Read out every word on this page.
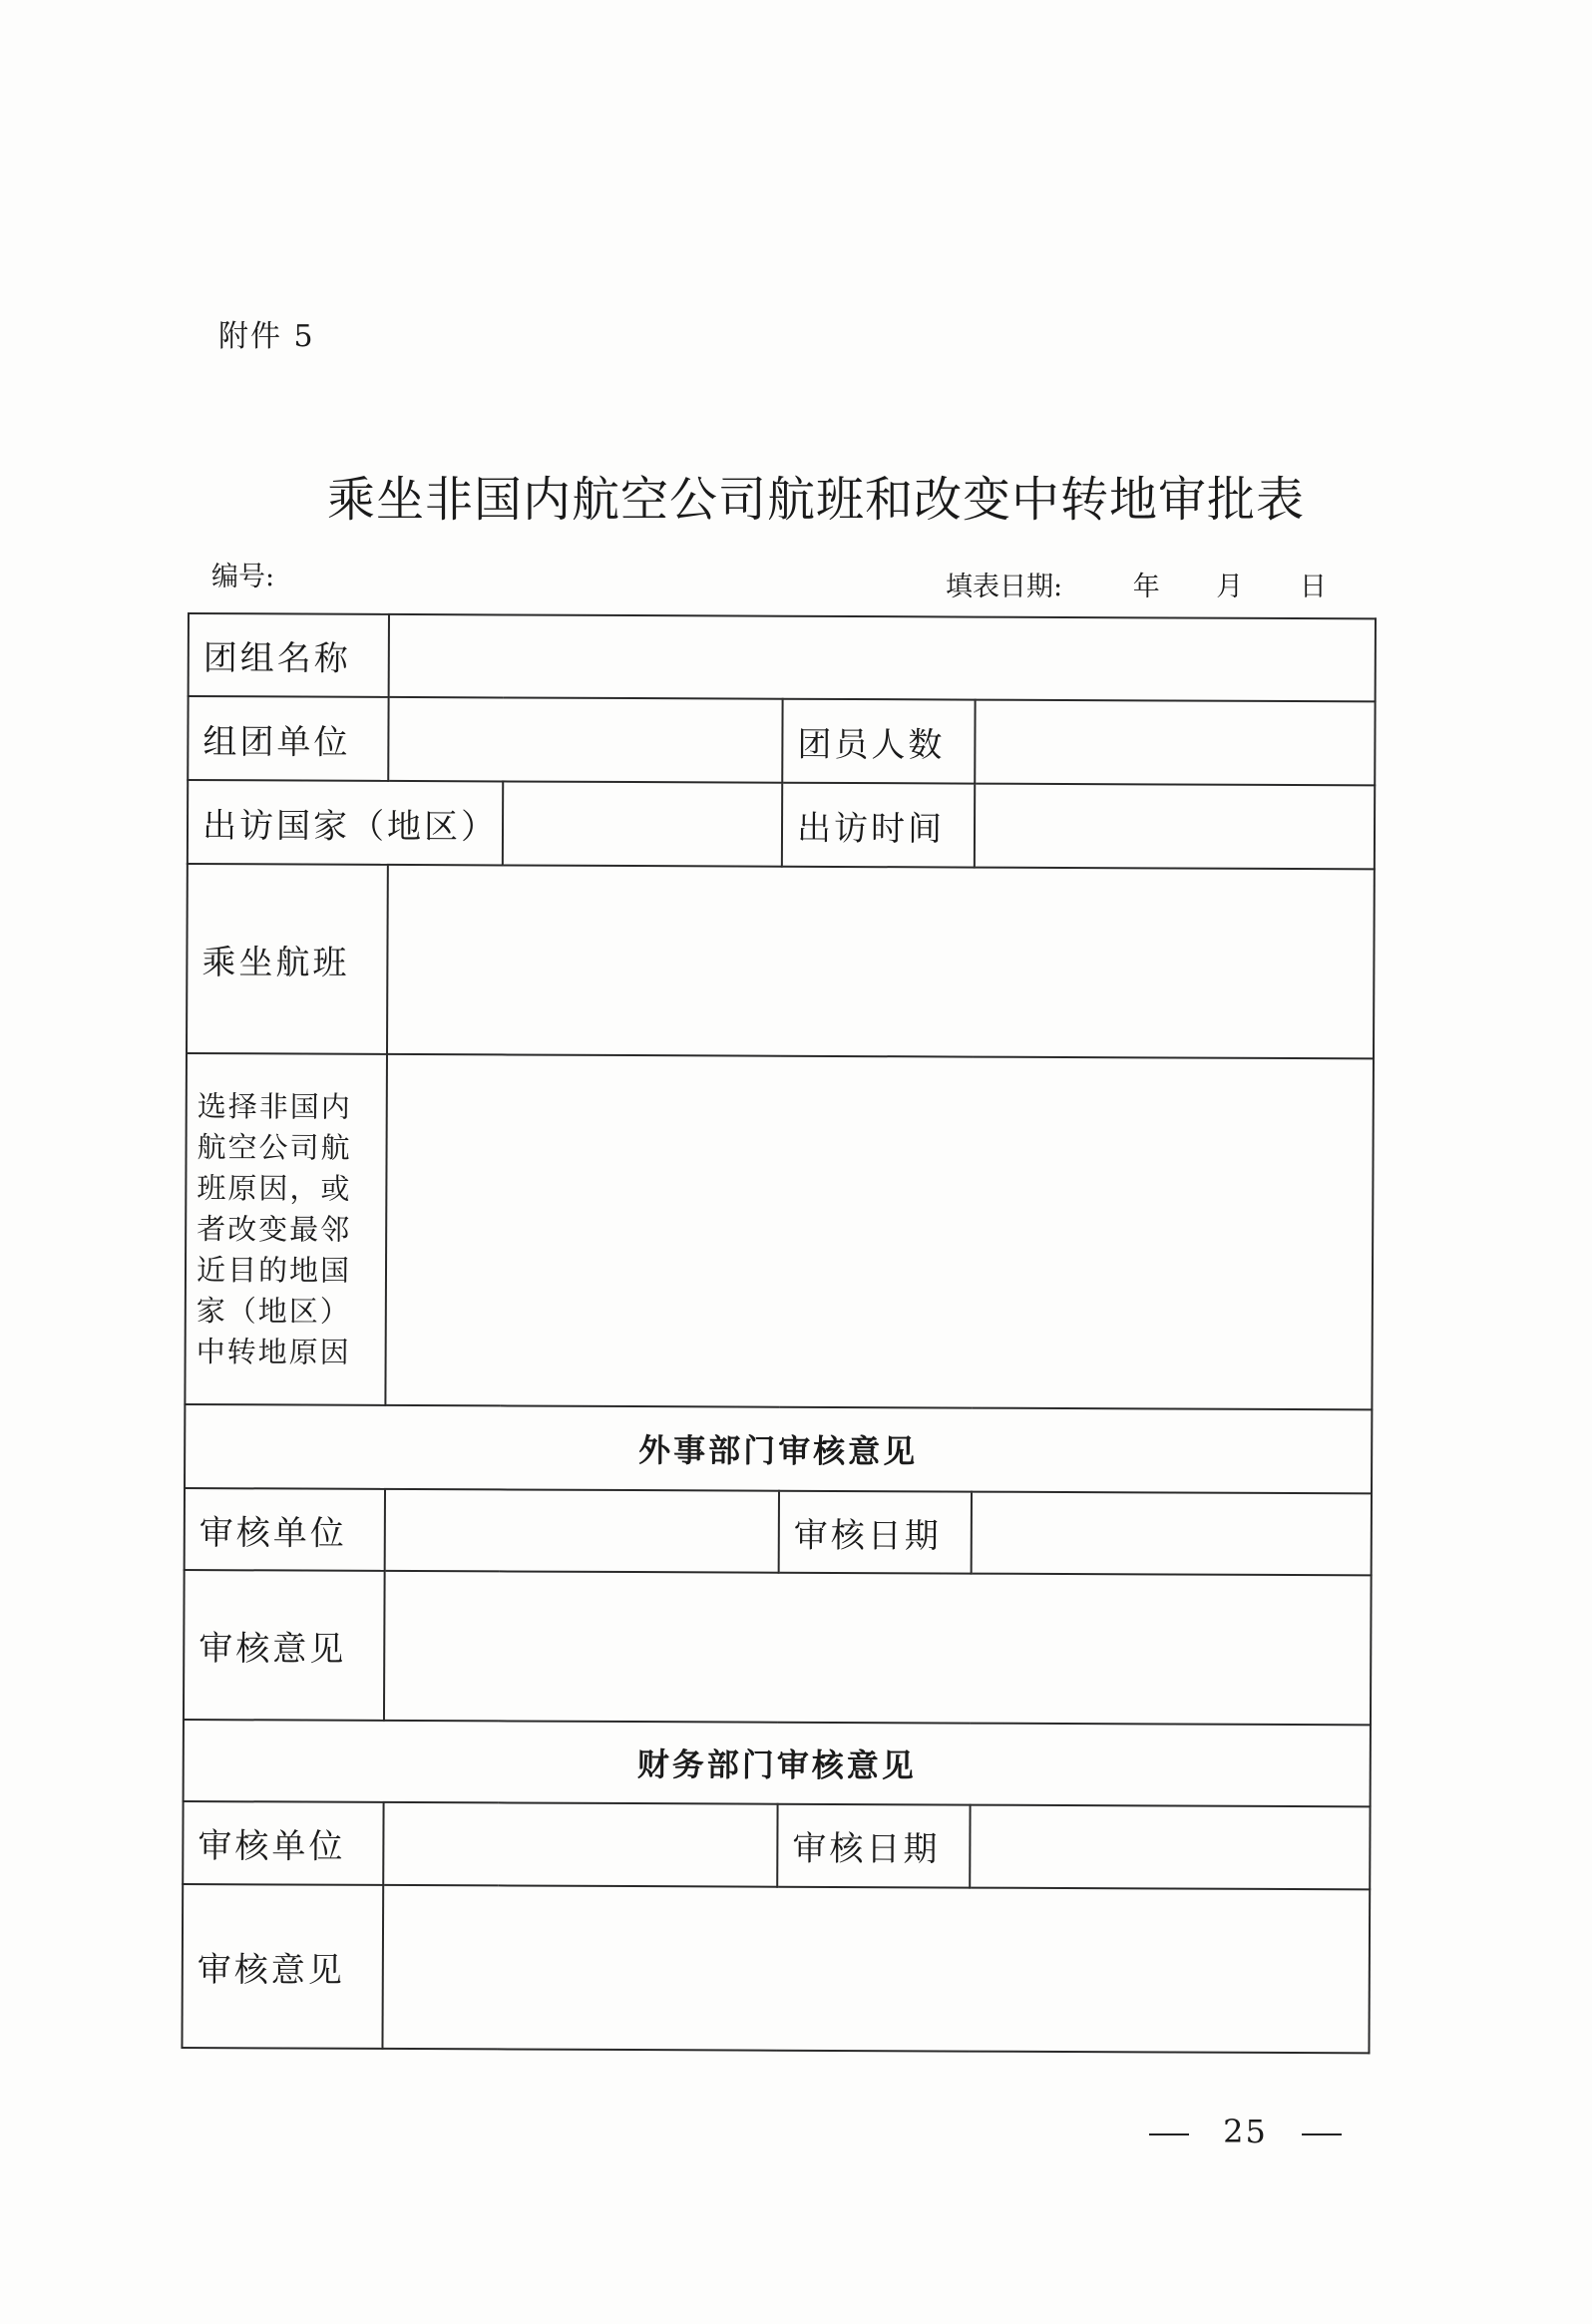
附件 5
乘坐非国内航空公司航班和改变中转地审批表
编号:	填表日期:	年 月 日
团组名称				
组团单位			团员人数	
出访国家（地区）			出访时间	
乘坐航班				
选择非国内航空公司航班原因，或者改变最邻近目的地国家（地区）中转地原因				
外事部门审核意见				
审核单位			审核日期	
审核意见				
财务部门审核意见				
审核单位			审核日期	
审核意见				
25
